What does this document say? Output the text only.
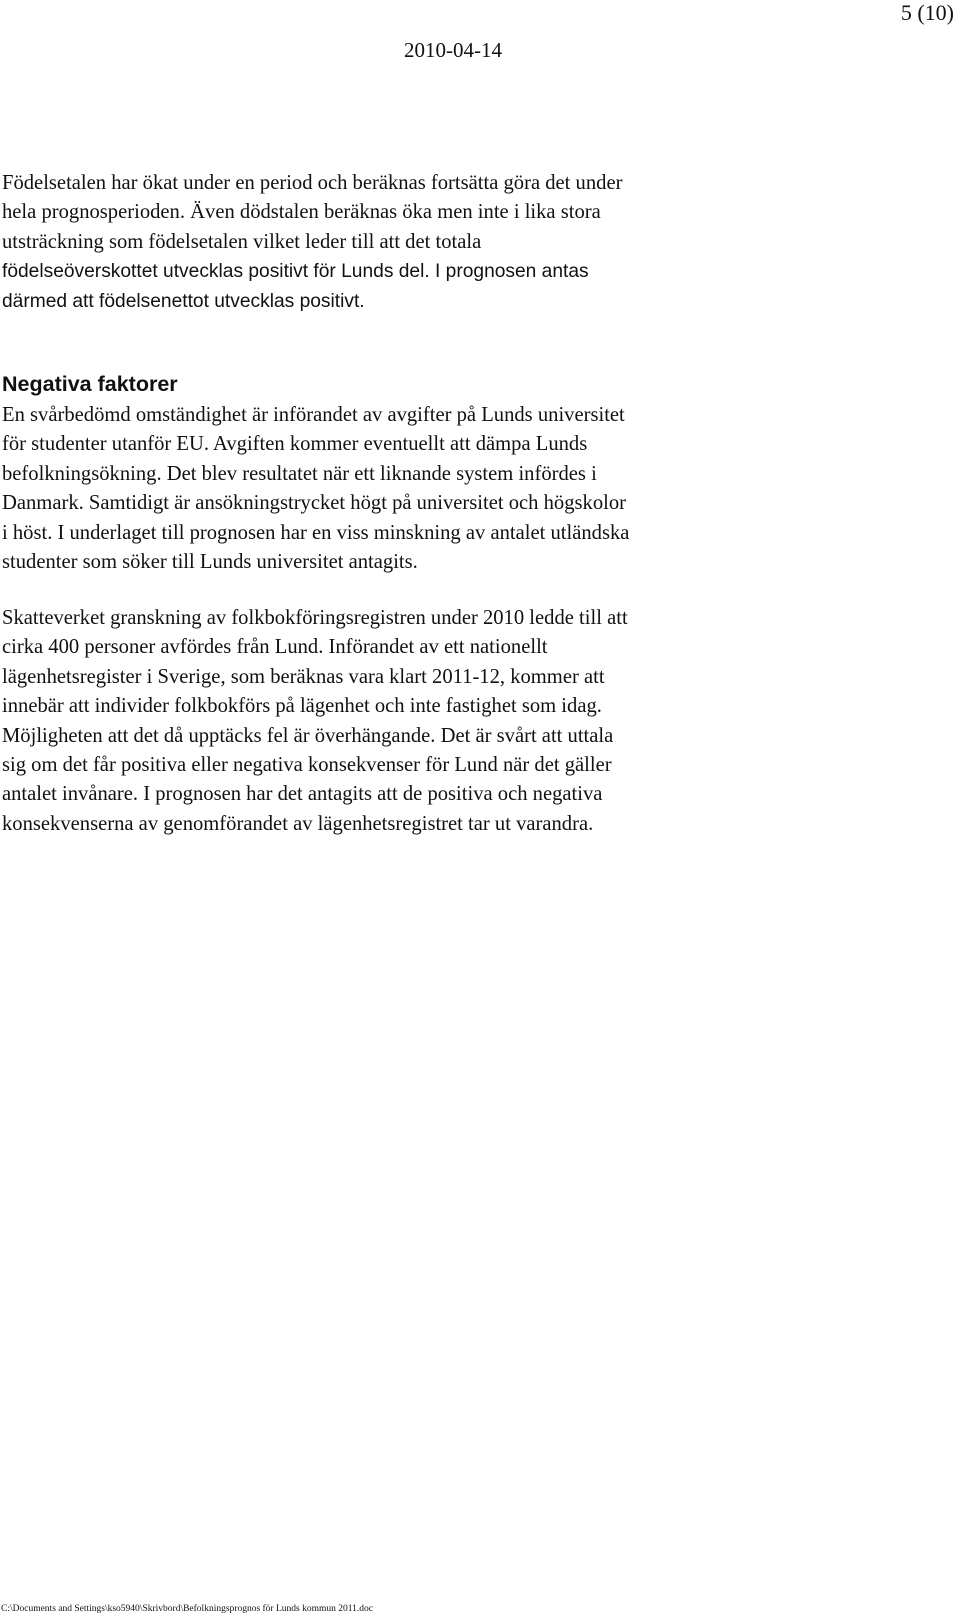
5 (10)
2010-04-14
Födelsetalen har ökat under en period och beräknas fortsätta göra det under
hela prognosperioden. Även dödstalen beräknas öka men inte i lika stora
utsträckning som födelsetalen vilket leder till att det totala
födelseöverskottet utvecklas positivt för Lunds del. I prognosen antas
därmed att födelsenettot utvecklas positivt.
Negativa faktorer
En svårbedömd omständighet är införandet av avgifter på Lunds universitet
för studenter utanför EU. Avgiften kommer eventuellt att dämpa Lunds
befolkningsökning. Det blev resultatet när ett liknande system infördes i
Danmark. Samtidigt är ansökningstrycket högt på universitet och högskolor
i höst. I underlaget till prognosen har en viss minskning av antalet utländska
studenter som söker till Lunds universitet antagits.
Skatteverket granskning av folkbokföringsregistren under 2010 ledde till att
cirka 400 personer avfördes från Lund. Införandet av ett nationellt
lägenhetsregister i Sverige, som beräknas vara klart 2011-12, kommer att
innebär att individer folkbokförs på lägenhet och inte fastighet som idag.
Möjligheten att det då upptäcks fel är överhängande. Det är svårt att uttala
sig om det får positiva eller negativa konsekvenser för Lund när det gäller
antalet invånare. I prognosen har det antagits att de positiva och negativa
konsekvenserna av genomförandet av lägenhetsregistret tar ut varandra.
C:\Documents and Settings\kso5940\Skrivbord\Befolkningsprognos för Lunds kommun 2011.doc
